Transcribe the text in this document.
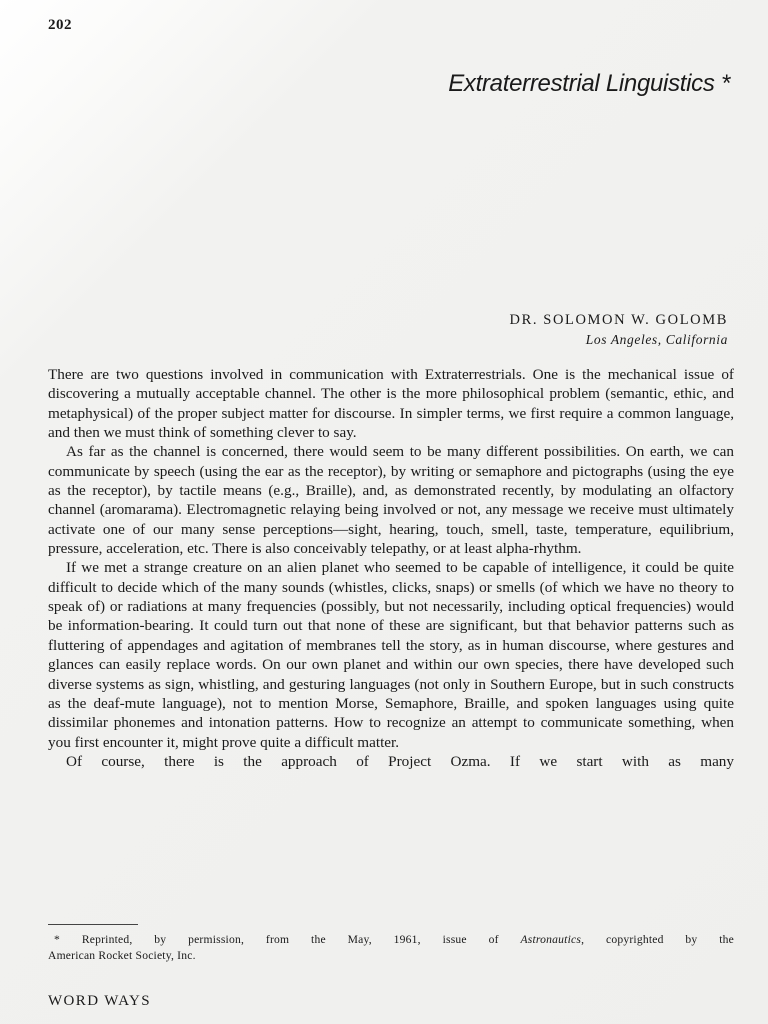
202
Extraterrestrial Linguistics *
DR. SOLOMON W. GOLOMB
Los Angeles, California

There are two questions involved in communication with Extraterrestrials. One is the mechanical issue of discovering a mutually acceptable channel. The other is the more philosophical problem (semantic, ethic, and metaphysical) of the proper subject matter for discourse. In simpler terms, we first require a common language, and then we must think of something clever to say.

As far as the channel is concerned, there would seem to be many different possibilities. On earth, we can communicate by speech (using the ear as the receptor), by writing or semaphore and pictographs (using the eye as the receptor), by tactile means (e.g., Braille), and, as demonstrated recently, by modulating an olfactory channel (aromarama). Electromagnetic relaying being involved or not, any message we receive must ultimately activate one of our many sense perceptions—sight, hearing, touch, smell, taste, temperature, equilibrium, pressure, acceleration, etc. There is also conceivably telepathy, or at least alpha-rhythm.

If we met a strange creature on an alien planet who seemed to be capable of intelligence, it could be quite difficult to decide which of the many sounds (whistles, clicks, snaps) or smells (of which we have no theory to speak of) or radiations at many frequencies (possibly, but not necessarily, including optical frequencies) would be information-bearing. It could turn out that none of these are significant, but that behavior patterns such as fluttering of appendages and agitation of membranes tell the story, as in human discourse, where gestures and glances can easily replace words. On our own planet and within our own species, there have developed such diverse systems as sign, whistling, and gesturing languages (not only in Southern Europe, but in such constructs as the deaf-mute language), not to mention Morse, Semaphore, Braille, and spoken languages using quite dissimilar phonemes and intonation patterns. How to recognize an attempt to communicate something, when you first encounter it, might prove quite a difficult matter.

Of course, there is the approach of Project Ozma. If we start with as many

* Reprinted, by permission, from the May, 1961, issue of Astronautics, copyrighted by the
American Rocket Society, Inc.
WORD WAYS
